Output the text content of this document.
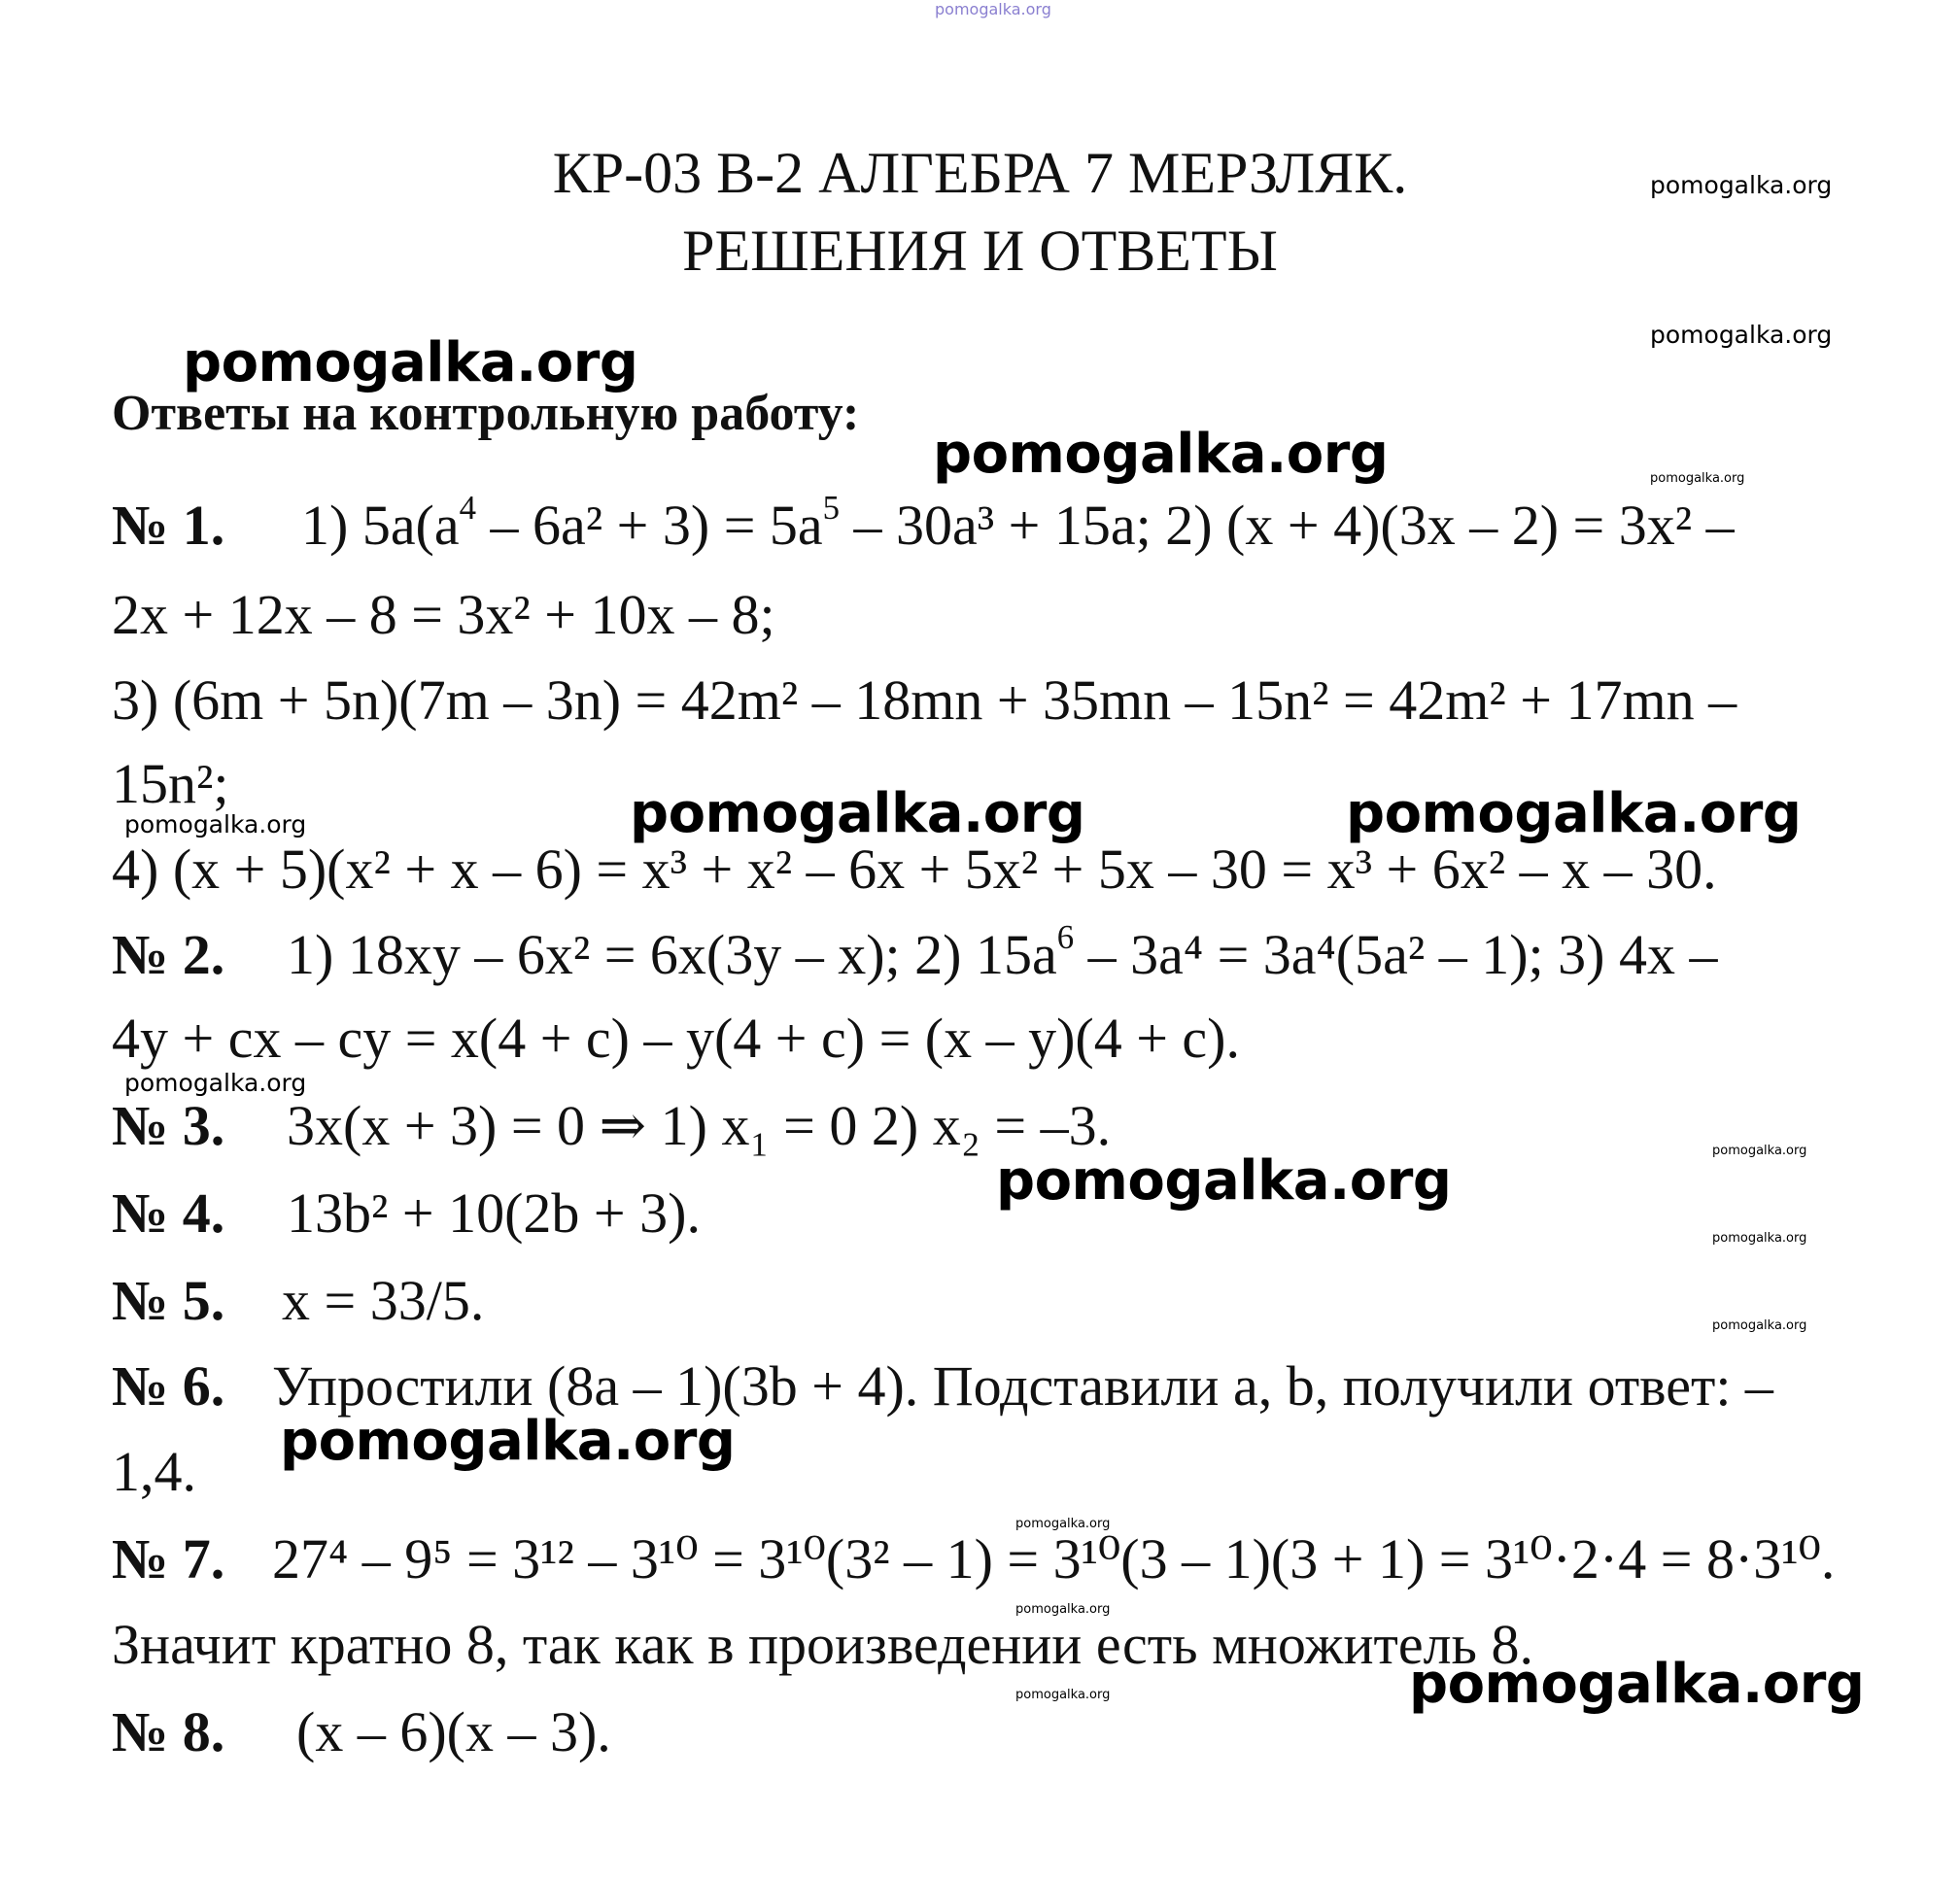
pomogalka.org
КР-03 В-2 АЛГЕБРА 7 МЕРЗЛЯК.
РЕШЕНИЯ И ОТВЕТЫ
Ответы на контрольную работу:
№ 1. 1) $5a(a^4 - 6a^2 + 3) = 5a^5 - 30a^3 + 15a$; 2) (x + 4)(3x – 2) = 3x² –
2x + 12x – 8 = 3x² + 10x – 8;
3) (6m + 5n)(7m – 3n) = 42m² – 18mn + 35mn – 15n² = 42m² + 17mn –
15n²;
4) (x + 5)(x² + x – 6) = x³ + x² – 6x + 5x² + 5x – 30 = x³ + 6x² – x – 30.
№ 2. 1) 18xy – 6x² = 6x(3y – x); 2) $15a^6 - 3a^4 = 3a^4(5a^2 - 1)$; 3) 4x –
4y + cx – cy = x(4 + c) – y(4 + c) = (x – y)(4 + c).
№ 3. 3x(x + 3) = 0 ⇒ 1) x₁ = 0 2) x₂ = –3.
№ 4. 13b² + 10(2b + 3).
№ 5. x = 33/5.
№ 6. Упростили (8a – 1)(3b + 4). Подставили a, b, получили ответ: –
1,4.
№ 7. 27⁴ – 9⁵ = 3¹² – 3¹⁰ = 3¹⁰(3² – 1) = 3¹⁰(3 – 1)(3 + 1) = 3¹⁰·2·4 = 8·3¹⁰.
Значит кратно 8, так как в произведении есть множитель 8.
№ 8. (x – 6)(x – 3).
pomogalka.org
pomogalka.org
pomogalka.org	pomogalka.org
pomogalka.org
pomogalka.org
pomogalka.org
pomogalka.org
pomogalka.org
pomogalka.org
pomogalka.org
pomogalka.org
pomogalka.org
pomogalka.org
pomogalka.org
pomogalka.org
pomogalka.org
pomogalka.org
